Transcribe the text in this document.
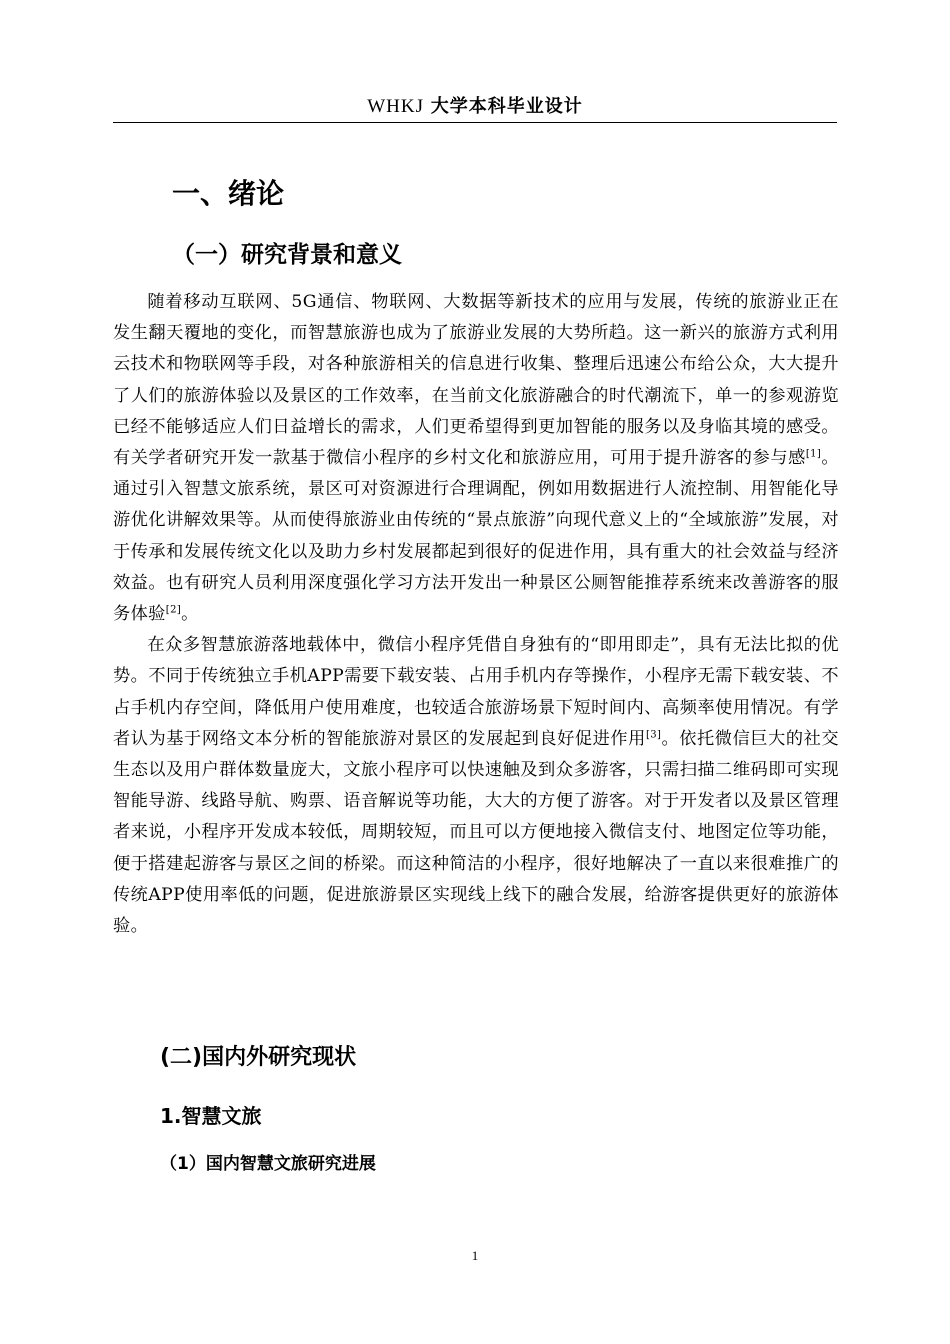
WHKJ 大学本科毕业设计
一、绪论
（一）研究背景和意义

随着移动互联网、5G通信、物联网、大数据等新技术的应用与发展，传统的旅游业正在发生翻天覆地的变化，而智慧旅游也成为了旅游业发展的大势所趋。这一新兴的旅游方式利用云技术和物联网等手段，对各种旅游相关的信息进行收集、整理后迅速公布给公众，大大提升了人们的旅游体验以及景区的工作效率，在当前文化旅游融合的时代潮流下，单一的参观游览已经不能够适应人们日益增长的需求，人们更希望得到更加智能的服务以及身临其境的感受。有关学者研究开发一款基于微信小程序的乡村文化和旅游应用，可用于提升游客的参与感[1]。通过引入智慧文旅系统，景区可对资源进行合理调配，例如用数据进行人流控制、用智能化导游优化讲解效果等。从而使得旅游业由传统的“景点旅游”向现代意义上的“全域旅游”发展，对于传承和发展传统文化以及助力乡村发展都起到很好的促进作用，具有重大的社会效益与经济效益。也有研究人员利用深度强化学习方法开发出一种景区公厕智能推荐系统来改善游客的服务体验[2]。

在众多智慧旅游落地载体中，微信小程序凭借自身独有的“即用即走”，具有无法比拟的优势。不同于传统独立手机APP需要下载安装、占用手机内存等操作，小程序无需下载安装、不占手机内存空间，降低用户使用难度，也较适合旅游场景下短时间内、高频率使用情况。有学者认为基于网络文本分析的智能旅游对景区的发展起到良好促进作用[3]。依托微信巨大的社交生态以及用户群体数量庞大，文旅小程序可以快速触及到众多游客，只需扫描二维码即可实现智能导游、线路导航、购票、语音解说等功能，大大的方便了游客。对于开发者以及景区管理者来说，小程序开发成本较低，周期较短，而且可以方便地接入微信支付、地图定位等功能，便于搭建起游客与景区之间的桥梁。而这种简洁的小程序，很好地解决了一直以来很难推广的传统APP使用率低的问题，促进旅游景区实现线上线下的融合发展，给游客提供更好的旅游体验。

(二)国内外研究现状
1.智慧文旅
（1）国内智慧文旅研究进展
1
